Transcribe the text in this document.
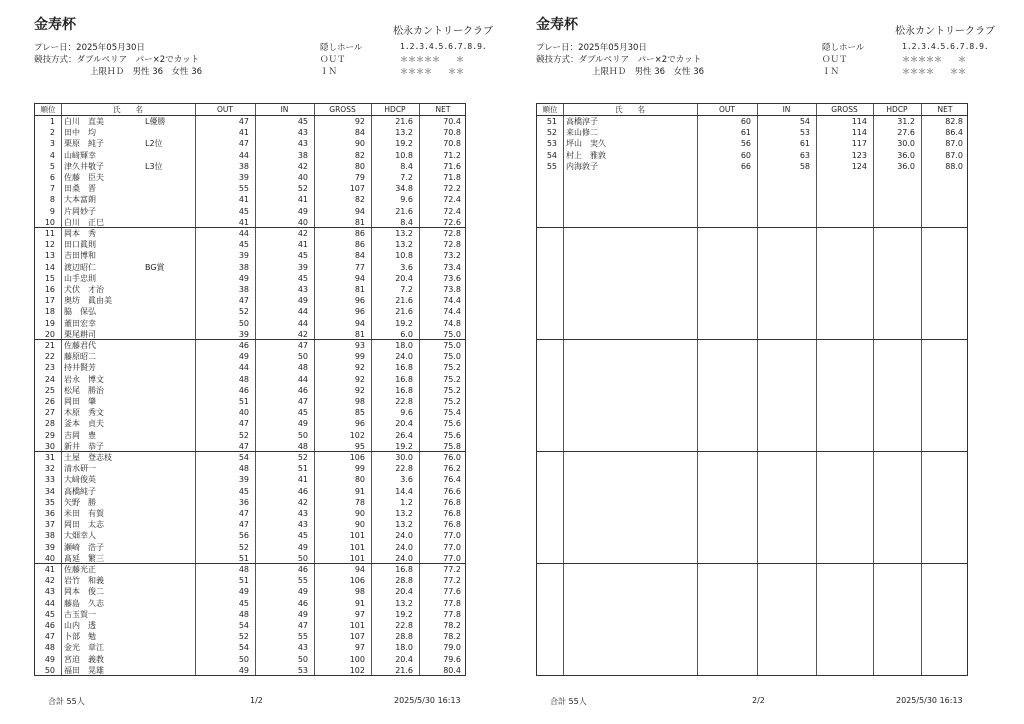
金寿杯	松永カントリークラブ
プレー日：2025年05月30日
競技方式：ダブルペリア　パー×2でカット
上限ＨＤ　男性 36　女性 36
隠しホール
ＯＵＴ
ＩＮ
1.2.3.4.5.6.7.8.9.
＊＊＊＊＊　　＊
＊＊＊＊　　＊＊
順位	氏　　名	OUT	IN	GROSS	HDCP	NET
1 白川　直美	L優勝	47	45	92	21.6	70.4
2 田中　均	41	43	84	13.2	70.8
3 栗原　純子	L2位	47	43	90	19.2	70.8
4 山﨑輝幸	44	38	82	10.8	71.2
5 津久井敬子	L3位	38	42	80	8.4	71.6
6 佐藤　臣夫	39	40	79	7.2	71.8
7 田桑　晋	55	52	107	34.8	72.2
8 大本富朗	41	41	82	9.6	72.4
9 片岡妙子	45	49	94	21.6	72.4
10 白川　正巳	41	40	81	8.4	72.6
11 岡本　秀	44	42	86	13.2	72.8
12 田口眞則	45	41	86	13.2	72.8
13 吉田博和	39	45	84	10.8	73.2
14 渡辺昭仁	BG賞	38	39	77	3.6	73.4
15 山手忠則	49	45	94	20.4	73.6
16 犬伏　才治	38	43	81	7.2	73.8
17 奥坊　眞由美	47	49	96	21.6	74.4
18 脇　保弘	52	44	96	21.6	74.4
19 董田宏幸	50	44	94	19.2	74.8
20 栗尾耕司	39	42	81	6.0	75.0
21 佐藤君代	46	47	93	18.0	75.0
22 藤原昭二	49	50	99	24.0	75.0
23 持井賢芳	44	48	92	16.8	75.2
24 岩永　博文	48	44	92	16.8	75.2
25 松尾　勝治	46	46	92	16.8	75.2
26 岡田　肇	51	47	98	22.8	75.2
27 木原　秀文	40	45	85	9.6	75.4
28 釜本　貞夫	47	49	96	20.4	75.6
29 吉岡　豊	52	50	102	26.4	75.6
30 新井　恭子	47	48	95	19.2	75.8
31 土屋　登志枝	54	52	106	30.0	76.0
32 清水研一	48	51	99	22.8	76.2
33 大﨑俊英	39	41	80	3.6	76.4
34 高橋純子	45	46	91	14.4	76.6
35 矢野　勝	36	42	78	1.2	76.8
36 米田　有賀	47	43	90	13.2	76.8
37 岡田　太志	47	43	90	13.2	76.8
38 大畑幸人	56	45	101	24.0	77.0
39 瀬崎　浩子	52	49	101	24.0	77.0
40 髙延　繁三	51	50	101	24.0	77.0
41 佐藤光正	48	46	94	16.8	77.2
42 岩竹　和義	51	55	106	28.8	77.2
43 岡本　俊二	49	49	98	20.4	77.6
44 藤島　久志	45	46	91	13.2	77.8
45 古玉賀一	48	49	97	19.2	77.8
46 山内　透	54	47	101	22.8	78.2
47 卜部　勉	52	55	107	28.8	78.2
48 金光　章江	54	43	97	18.0	79.0
49 宮迫　義教	50	50	100	20.4	79.6
50 福田　晃雄	49	53	102	21.6	80.4
合計 55人	1/2	2025/5/30 16:13
金寿杯	松永カントリークラブ
プレー日：2025年05月30日
競技方式：ダブルペリア　パー×2でカット
上限ＨＤ　男性 36　女性 36
隠しホール
ＯＵＴ
ＩＮ
1.2.3.4.5.6.7.8.9.
＊＊＊＊＊　　＊
＊＊＊＊　　＊＊
順位	氏　　名	OUT	IN	GROSS	HDCP	NET
51 高橋淳子	60	54	114	31.2	82.8
52 来山修二	61	53	114	27.6	86.4
53 坪山　実久	56	61	117	30.0	87.0
54 村上　雅敦	60	63	123	36.0	87.0
55 内海敦子	66	58	124	36.0	88.0
合計 55人	2/2	2025/5/30 16:13
